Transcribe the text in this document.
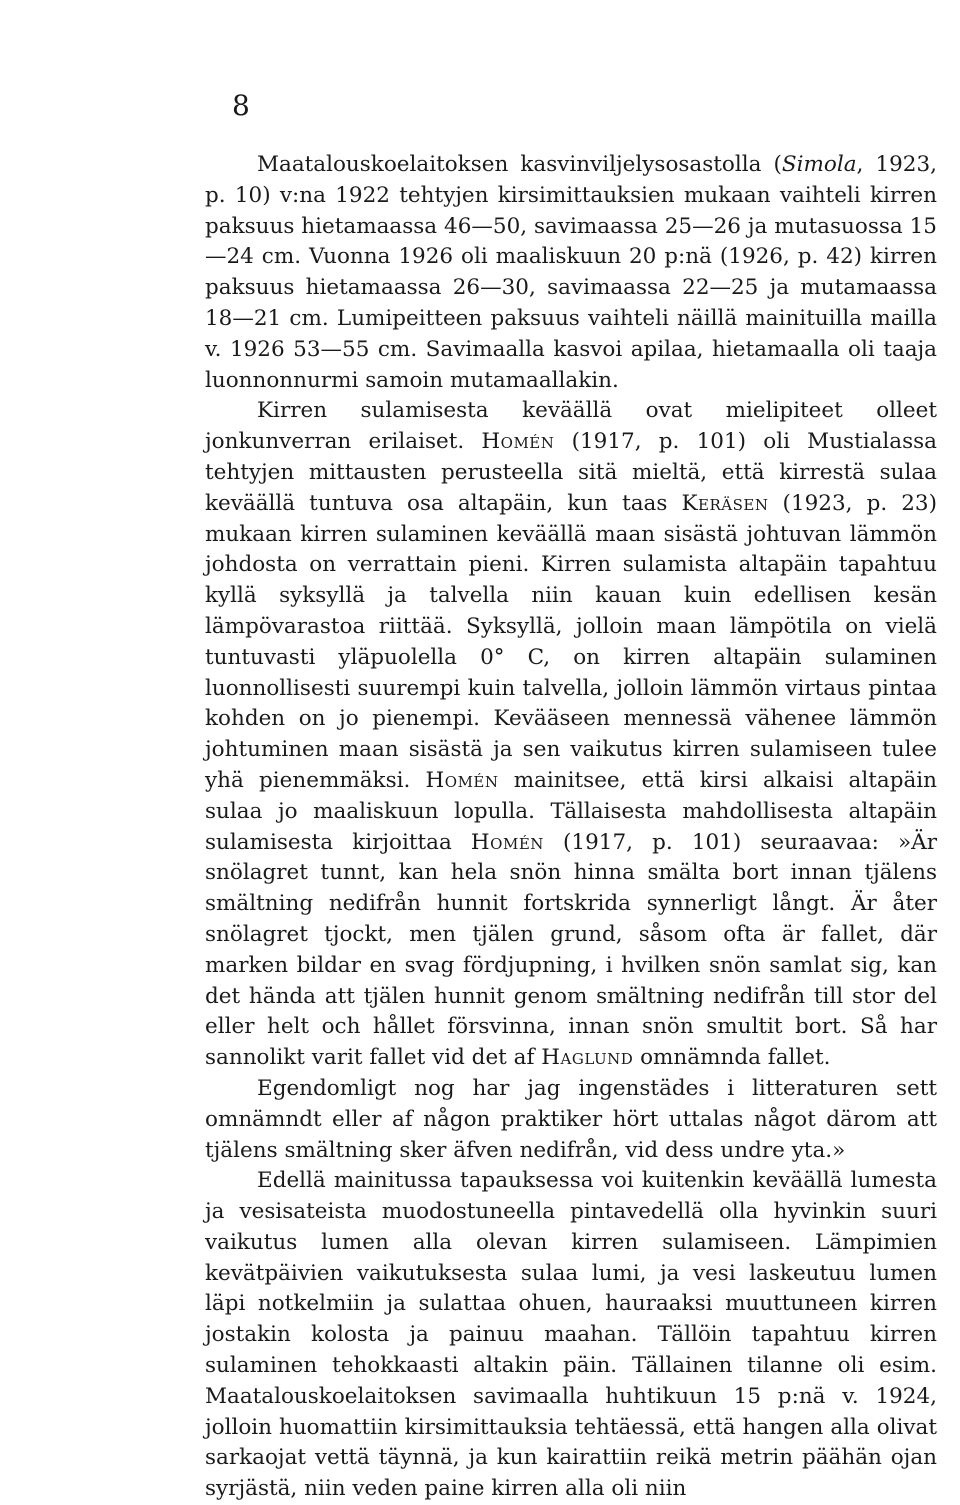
8

Maatalouskoelaitoksen kasvinviljelysosastolla (Simola, 1923, p. 10) v:na 1922 tehtyjen kirsimittauksien mukaan vaihteli kirren paksuus hietamaassa 46—50, savimaassa 25—26 ja mutasuossa 15—24 cm. Vuonna 1926 oli maaliskuun 20 p:nä (1926, p. 42) kirren paksuus hietamaassa 26—30, savimaassa 22—25 ja mutamaassa 18—21 cm. Lumipeitteen paksuus vaihteli näillä mainituilla mailla v. 1926 53—55 cm. Savimaalla kasvoi apilaa, hietamaalla oli taaja luonnonnurmi samoin mutamaallakin.

Kirren sulamisesta keväällä ovat mielipiteet olleet jonkunverran erilaiset. Homén (1917, p. 101) oli Mustialassa tehtyjen mittausten perusteella sitä mieltä, että kirrestä sulaa keväällä tuntuva osa altapäin, kun taas Keräsen (1923, p. 23) mukaan kirren sulaminen keväällä maan sisästä johtuvan lämmön johdosta on verrattain pieni. Kirren sulamista altapäin tapahtuu kyllä syksyllä ja talvella niin kauan kuin edellisen kesän lämpövarastoa riittää. Syksyllä, jolloin maan lämpötila on vielä tuntuvasti yläpuolella 0° C, on kirren altapäin sulaminen luonnollisesti suurempi kuin talvella, jolloin lämmön virtaus pintaa kohden on jo pienempi. Kevääseen mennessä vähenee lämmön johtuminen maan sisästä ja sen vaikutus kirren sulamiseen tulee yhä pienemmäksi. Homén mainitsee, että kirsi alkaisi altapäin sulaa jo maaliskuun lopulla. Tällaisesta mahdollisesta altapäin sulamisesta kirjoittaa Homén (1917, p. 101) seuraavaa: »Är snölagret tunnt, kan hela snön hinna smälta bort innan tjälens smältning nedifrån hunnit fortskrida synnerligt långt. Är åter snölagret tjockt, men tjälen grund, såsom ofta är fallet, där marken bildar en svag fördjupning, i hvilken snön samlat sig, kan det hända att tjälen hunnit genom smältning nedifrån till stor del eller helt och hållet försvinna, innan snön smultit bort. Så har sannolikt varit fallet vid det af Haglund omnämnda fallet.

Egendomligt nog har jag ingenstädes i litteraturen sett omnämndt eller af någon praktiker hört uttalas något därom att tjälens smältning sker äfven nedifrån, vid dess undre yta.»

Edellä mainitussa tapauksessa voi kuitenkin keväällä lumesta ja vesisateista muodostuneella pintavedellä olla hyvinkin suuri vaikutus lumen alla olevan kirren sulamiseen. Lämpimien kevätpäivien vaikutuksesta sulaa lumi, ja vesi laskeutuu lumen läpi notkelmiin ja sulattaa ohuen, hauraaksi muuttuneen kirren jostakin kolosta ja painuu maahan. Tällöin tapahtuu kirren sulaminen tehokkaasti altakin päin. Tällainen tilanne oli esim. Maatalouskoelaitoksen savimaalla huhtikuun 15 p:nä v. 1924, jolloin huomattiin kirsimittauksia tehtäessä, että hangen alla olivat sarkaojat vettä täynnä, ja kun kairattiin reikä metrin päähän ojan syrjästä, niin veden paine kirren alla oli niin
